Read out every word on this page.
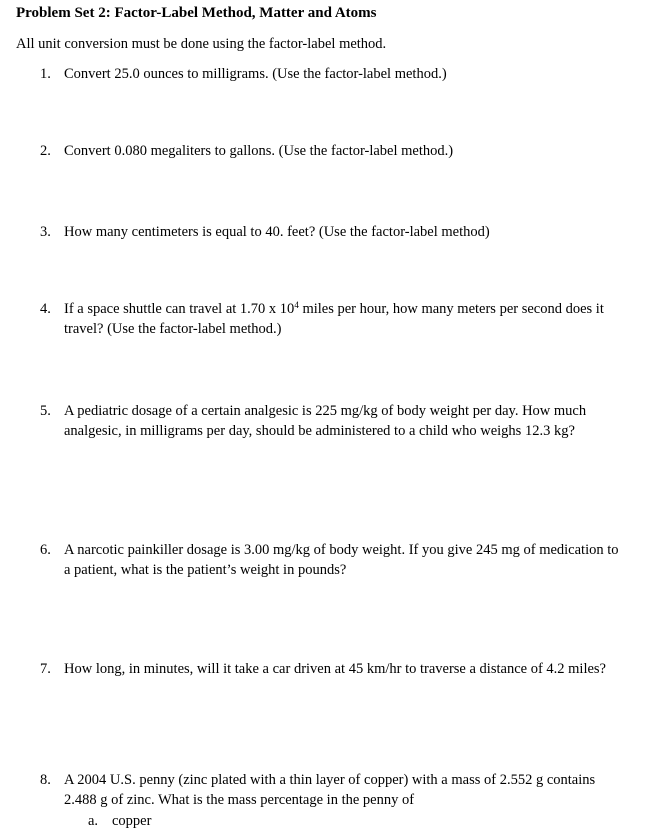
Problem Set 2: Factor-Label Method, Matter and Atoms
All unit conversion must be done using the factor-label method.
1. Convert 25.0 ounces to milligrams. (Use the factor-label method.)
2. Convert 0.080 megaliters to gallons. (Use the factor-label method.)
3. How many centimeters is equal to 40. feet? (Use the factor-label method)
4. If a space shuttle can travel at 1.70 x $10^4$ miles per hour, how many meters per second does it travel? (Use the factor-label method.)
5. A pediatric dosage of a certain analgesic is 225 mg/kg of body weight per day. How much analgesic, in milligrams per day, should be administered to a child who weighs 12.3 kg?
6. A narcotic painkiller dosage is 3.00 mg/kg of body weight. If you give 245 mg of medication to a patient, what is the patient’s weight in pounds?
7. How long, in minutes, will it take a car driven at 45 km/hr to traverse a distance of 4.2 miles?
8. A 2004 U.S. penny (zinc plated with a thin layer of copper) with a mass of 2.552 g contains 2.488 g of zinc. What is the mass percentage in the penny of
a. copper
